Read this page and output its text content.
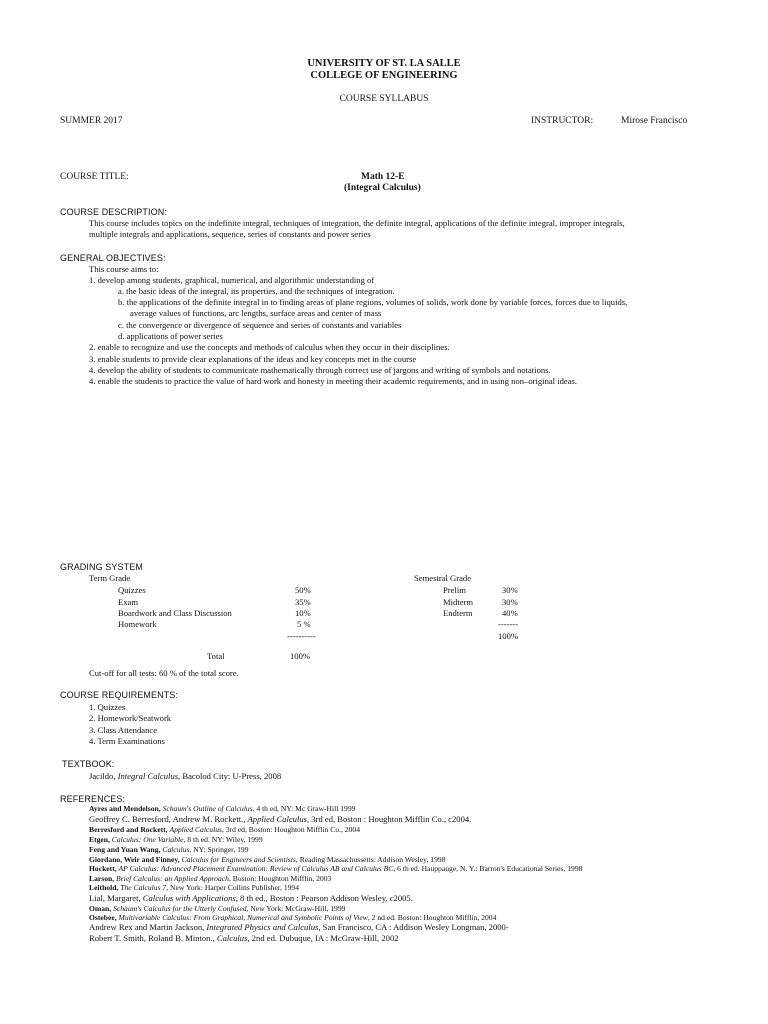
UNIVERSITY OF ST. LA SALLE
COLLEGE OF ENGINEERING
COURSE SYLLABUS
SUMMER 2017	INSTRUCTOR:	Mirose Francisco
COURSE TITLE:	Math 12-E
(Integral Calculus)
COURSE DESCRIPTION:
This course includes topics on the indefinite integral, techniques of integration, the definite integral, applications of the definite integral, improper integrals,
multiple integrals and applications, sequence, series of constants and power series
GENERAL OBJECTIVES:
This course aims to:
1. develop among students, graphical, numerical, and algorithmic understanding of
a. the basic ideas of the integral, its properties, and the techniques of integration.
b. the applications of the definite integral in to finding areas of plane regions, volumes of solids, work done by variable forces, forces due to liquids,
average values of functions, arc lengths, surface areas and center of mass
c. the convergence or divergence of sequence and series of constants and variables
d. applications of power series
2. enable to recognize and use the concepts and methods of calculus when they occur in their disciplines.
3. enable students to provide clear explanations of the ideas and key concepts met in the course
4. develop the ability of students to communicate mathematically through correct use of jargons and writing of symbols and notations.
4. enable the students to practice the value of hard work and honesty in meeting their academic requirements, and in using non–original ideas.
GRADING SYSTEM
Term Grade
Quizzes	50%
Exam	35%
Boardwork and Class Discussion	10%
Homework	5 %
----------
Total	100%
Semestral Grade
Prelim	30%
Midterm	30%
Endterm	40%
-------
100%
Cut-off for all tests: 60 % of the total score.
COURSE REQUIREMENTS:
1. Quizzes
2. Homework/Seatwork
3. Class Attendance
4. Term Examinations
TEXTBOOK:
Jacildo, Integral Calculus, Bacolod City: U-Press, 2008
REFERENCES:
Ayres and Mendelson, Schaum's Outline of Calculus, 4 th ed, NY: Mc Graw-Hill 1999
Geoffrey C. Berresford, Andrew M. Rockett., Applied Calculus, 3rd ed, Boston : Houghton Mifflin Co., c2004.
Berresford and Rockett, Applied Calculus, 3rd ed, Boston: Houghton Mifflin Co., 2004
Etgen, Calculus: One Variable, 8 th ed. NY: Wiley, 1999
Feng and Yuan Wang, Calculus, NY: Springer, 199
Giordano, Weir and Finney, Calculus for Engineers and Scientists, Reading Massachussetts: Addison Wesley, 1998
Hockett, AP Calculus: Advanced Placement Examination: Review of Calculus AB and Calculus BC, 6 th ed. Hauppauge, N. Y.: Barron's Educational Series, 1998
Larson, Brief Calculus: an Applied Approach, Boston: Houghton Mifflin, 2003
Leithold, The Calculus 7, New York: Harper Collins Publisher, 1994
Lial, Margaret, Calculus with Applications, 8 th ed., Boston : Pearson Addison Wesley, c2005.
Oman, Schaum's Calculus for the Utterly Confused, New York: McGraw-Hill, 1999
Ostebee, Multivariable Calculus: From Graphical, Numerical and Symbolic Points of View, 2 nd ed. Boston: Houghton Mifflin, 2004
Andrew Rex and Martin Jackson, Integrated Physics and Calculus, San Francisco, CA : Addison Wesley Longman, 2000-
Robert T. Smith, Roland B. Minton., Calculus, 2nd ed. Dubuque, IA : McGraw-Hill, 2002
